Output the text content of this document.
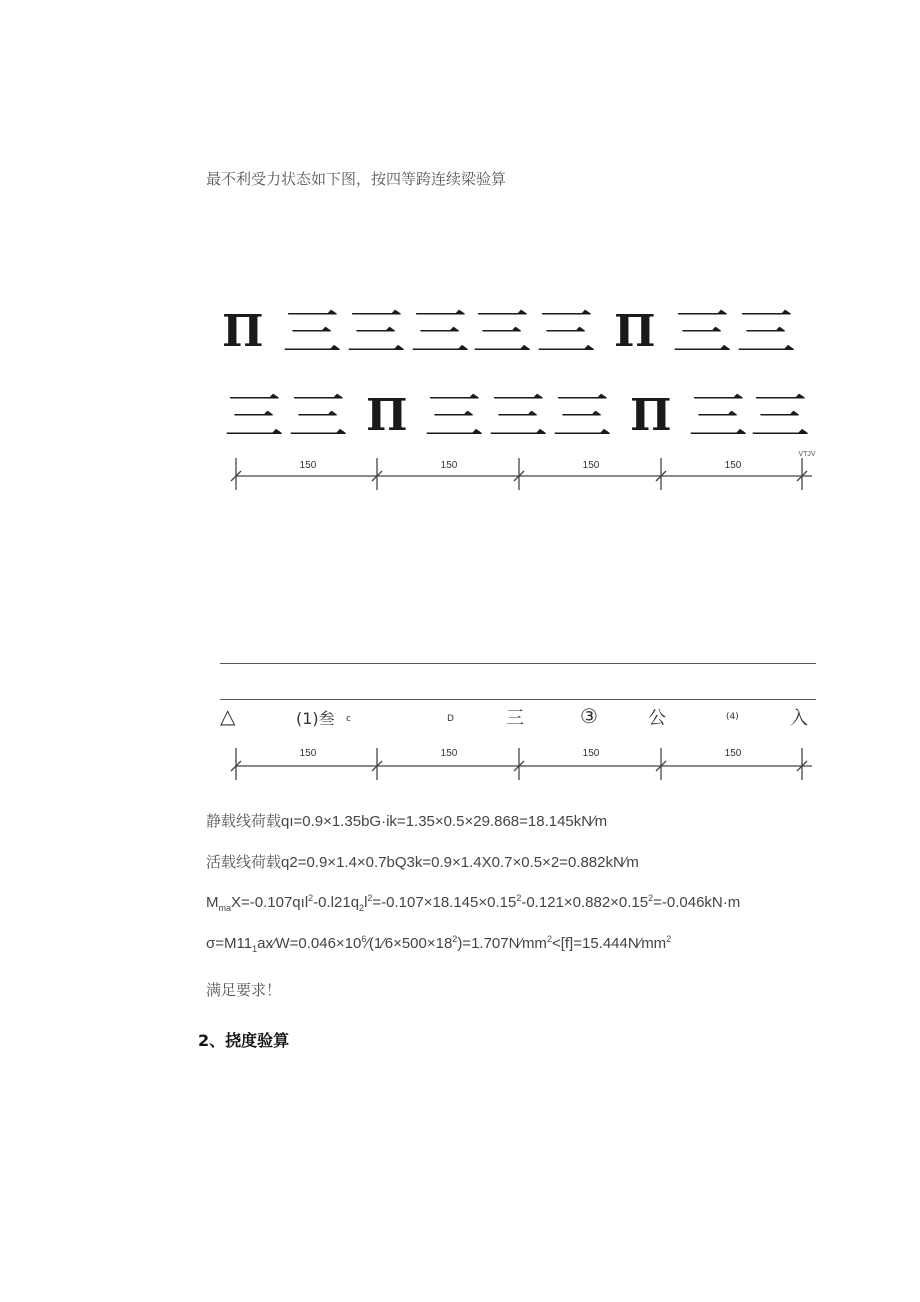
最不利受力状态如下图，按四等跨连续梁验算
Π 三 三 三 三 三 Π 三 三
三 三 Π 三 三 三 Π 三 三
150	150	150	150
VTJV
△	(1)叁 c	D	三	③	公	(4)	入
150	150	150	150
静载线荷载qı=0.9×1.35bG·ik=1.35×0.5×29.868=18.145kN∕m
活载线荷载q2=0.9×1.4×0.7bQ3k=0.9×1.4X0.7×0.5×2=0.882kN∕m
$M_{ma}X=-0.107qıl^2-0.l21q_2l^2=-0.107\times 18.145\times 0.15^2-0.121\times 0.882\times 0.15^2=-0.046kN\cdot m$
$\sigma=M11_1ax∕W=0.046\times 10^6∕(1∕6\times 500\times 18^2)=1.707N∕mm^2<[f]=15.444N∕mm^2$
满足要求！
2、挠度验算
